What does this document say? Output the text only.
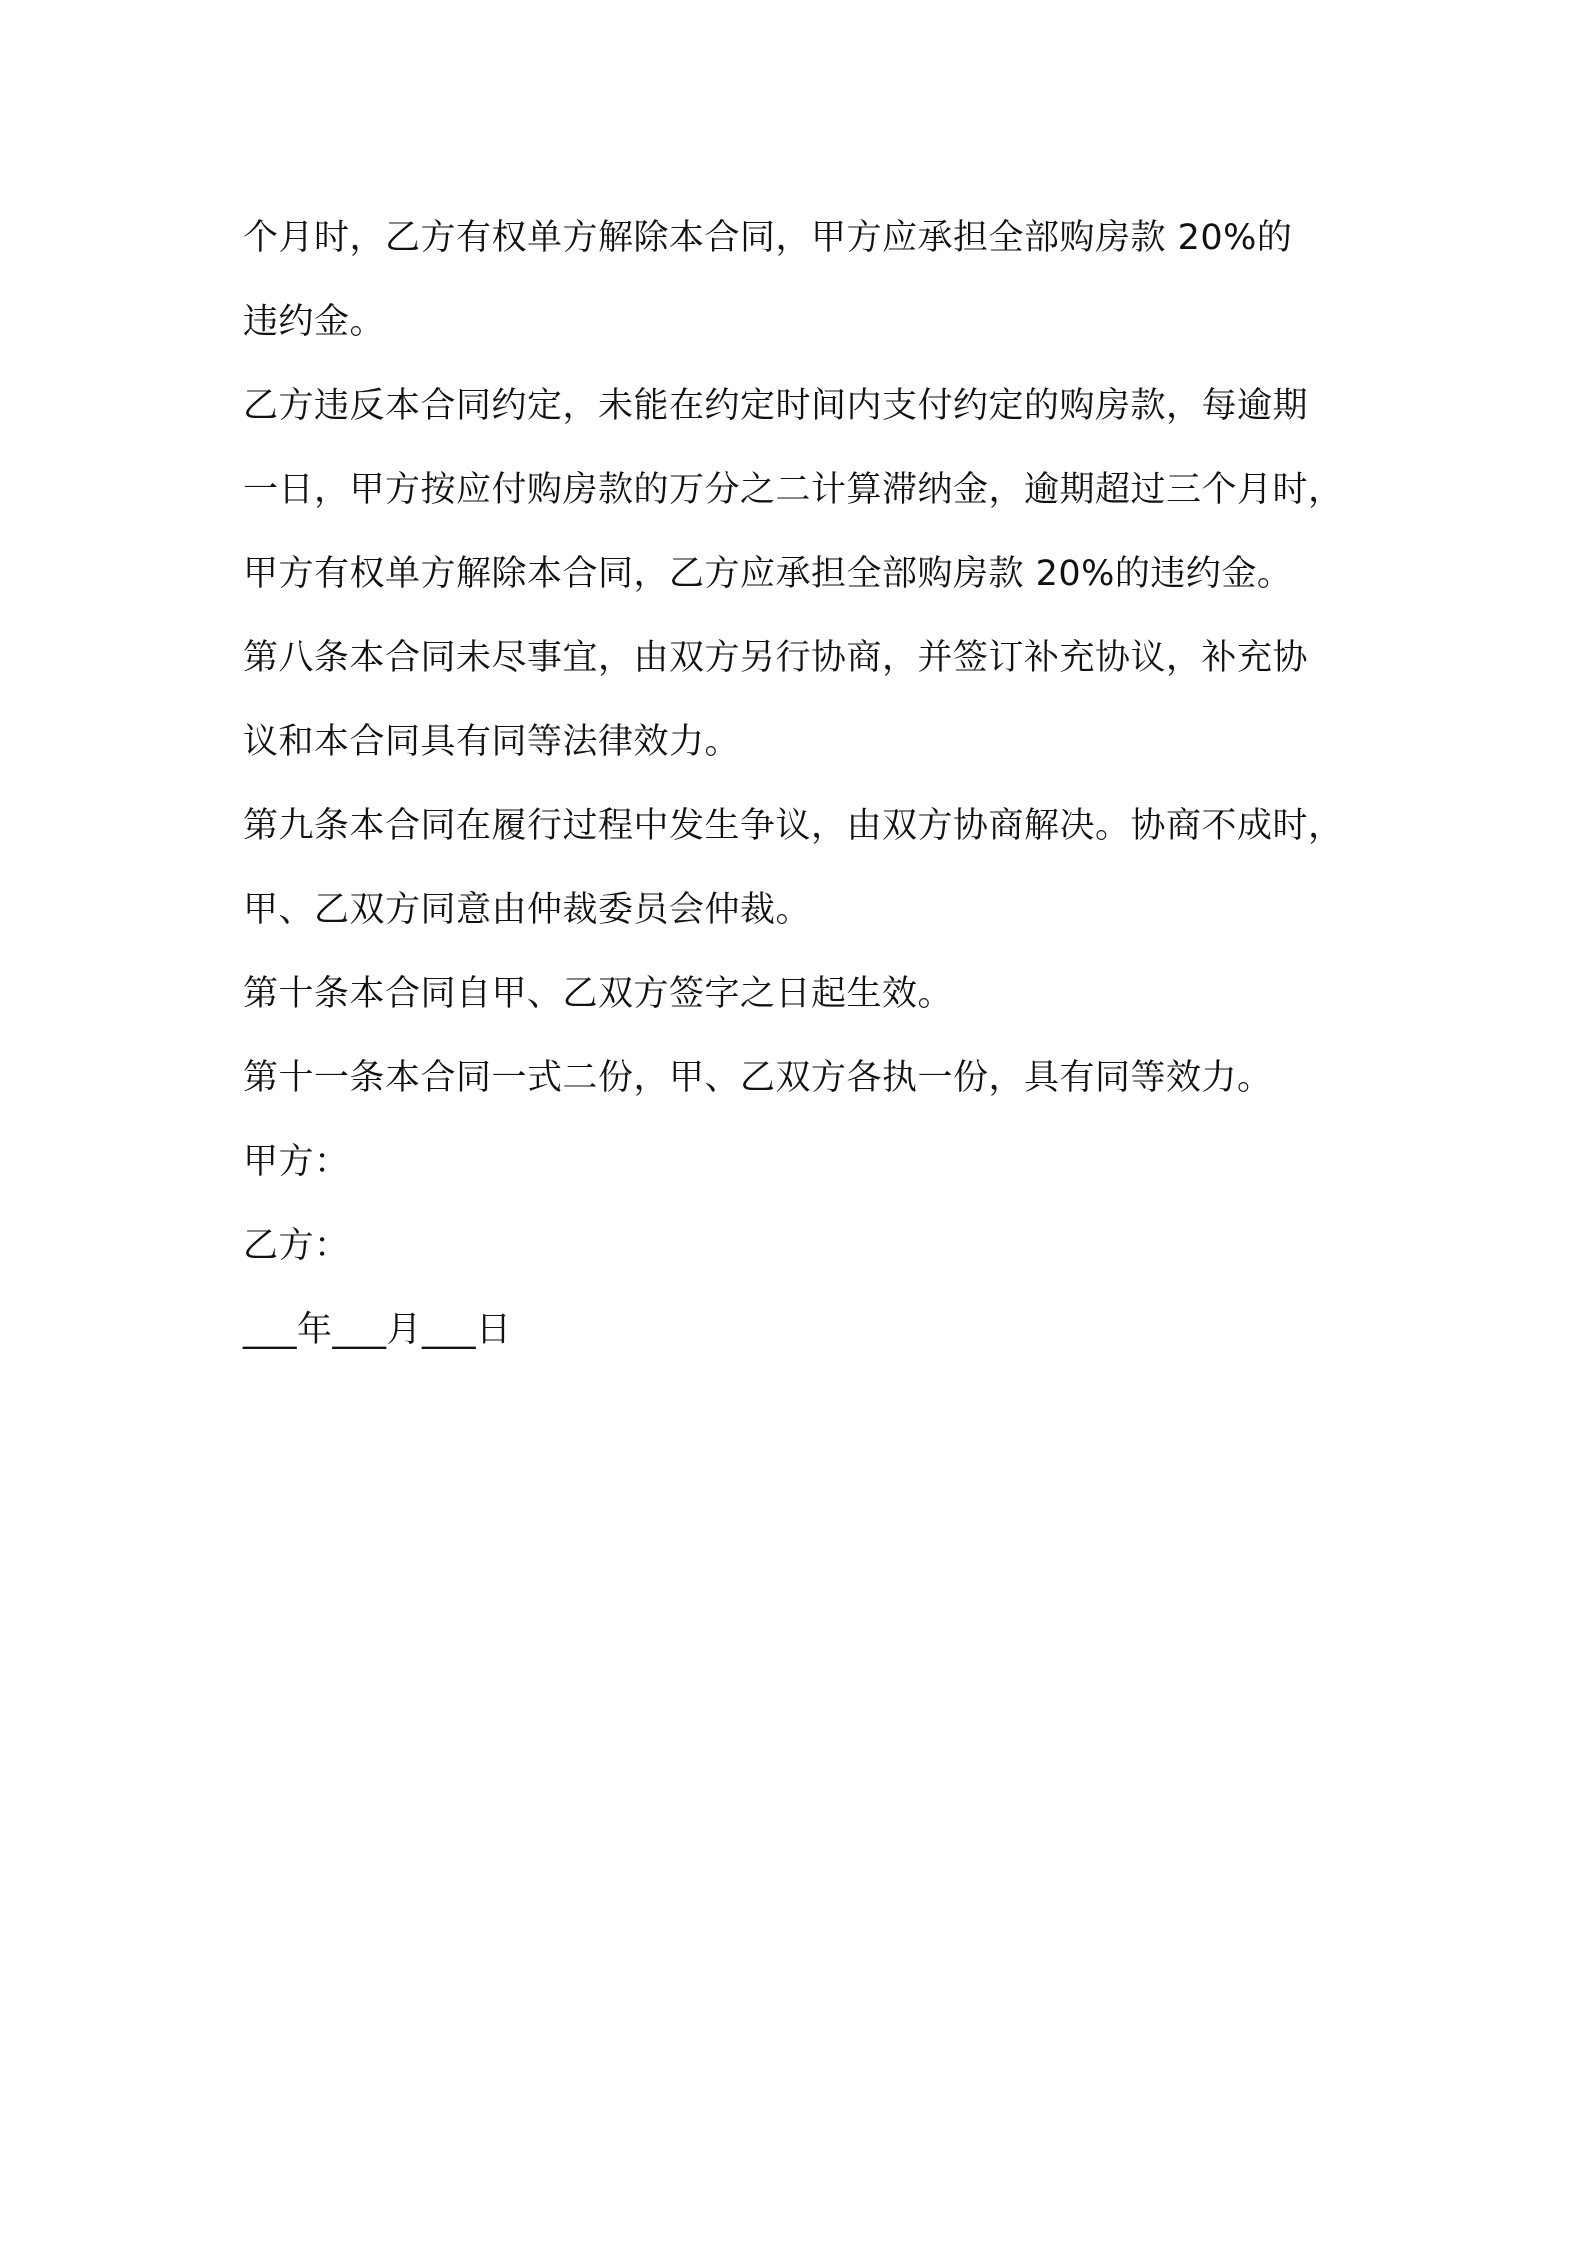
个月时，乙方有权单方解除本合同，甲方应承担全部购房款 20%的
违约金。
乙方违反本合同约定，未能在约定时间内支付约定的购房款，每逾期
一日，甲方按应付购房款的万分之二计算滞纳金，逾期超过三个月时，
甲方有权单方解除本合同，乙方应承担全部购房款 20%的违约金。
第八条本合同未尽事宜，由双方另行协商，并签订补充协议，补充协
议和本合同具有同等法律效力。
第九条本合同在履行过程中发生争议，由双方协商解决。协商不成时，
甲、乙双方同意由仲裁委员会仲裁。
第十条本合同自甲、乙双方签字之日起生效。
第十一条本合同一式二份，甲、乙双方各执一份，具有同等效力。
甲方：
乙方：
___年___月___日
